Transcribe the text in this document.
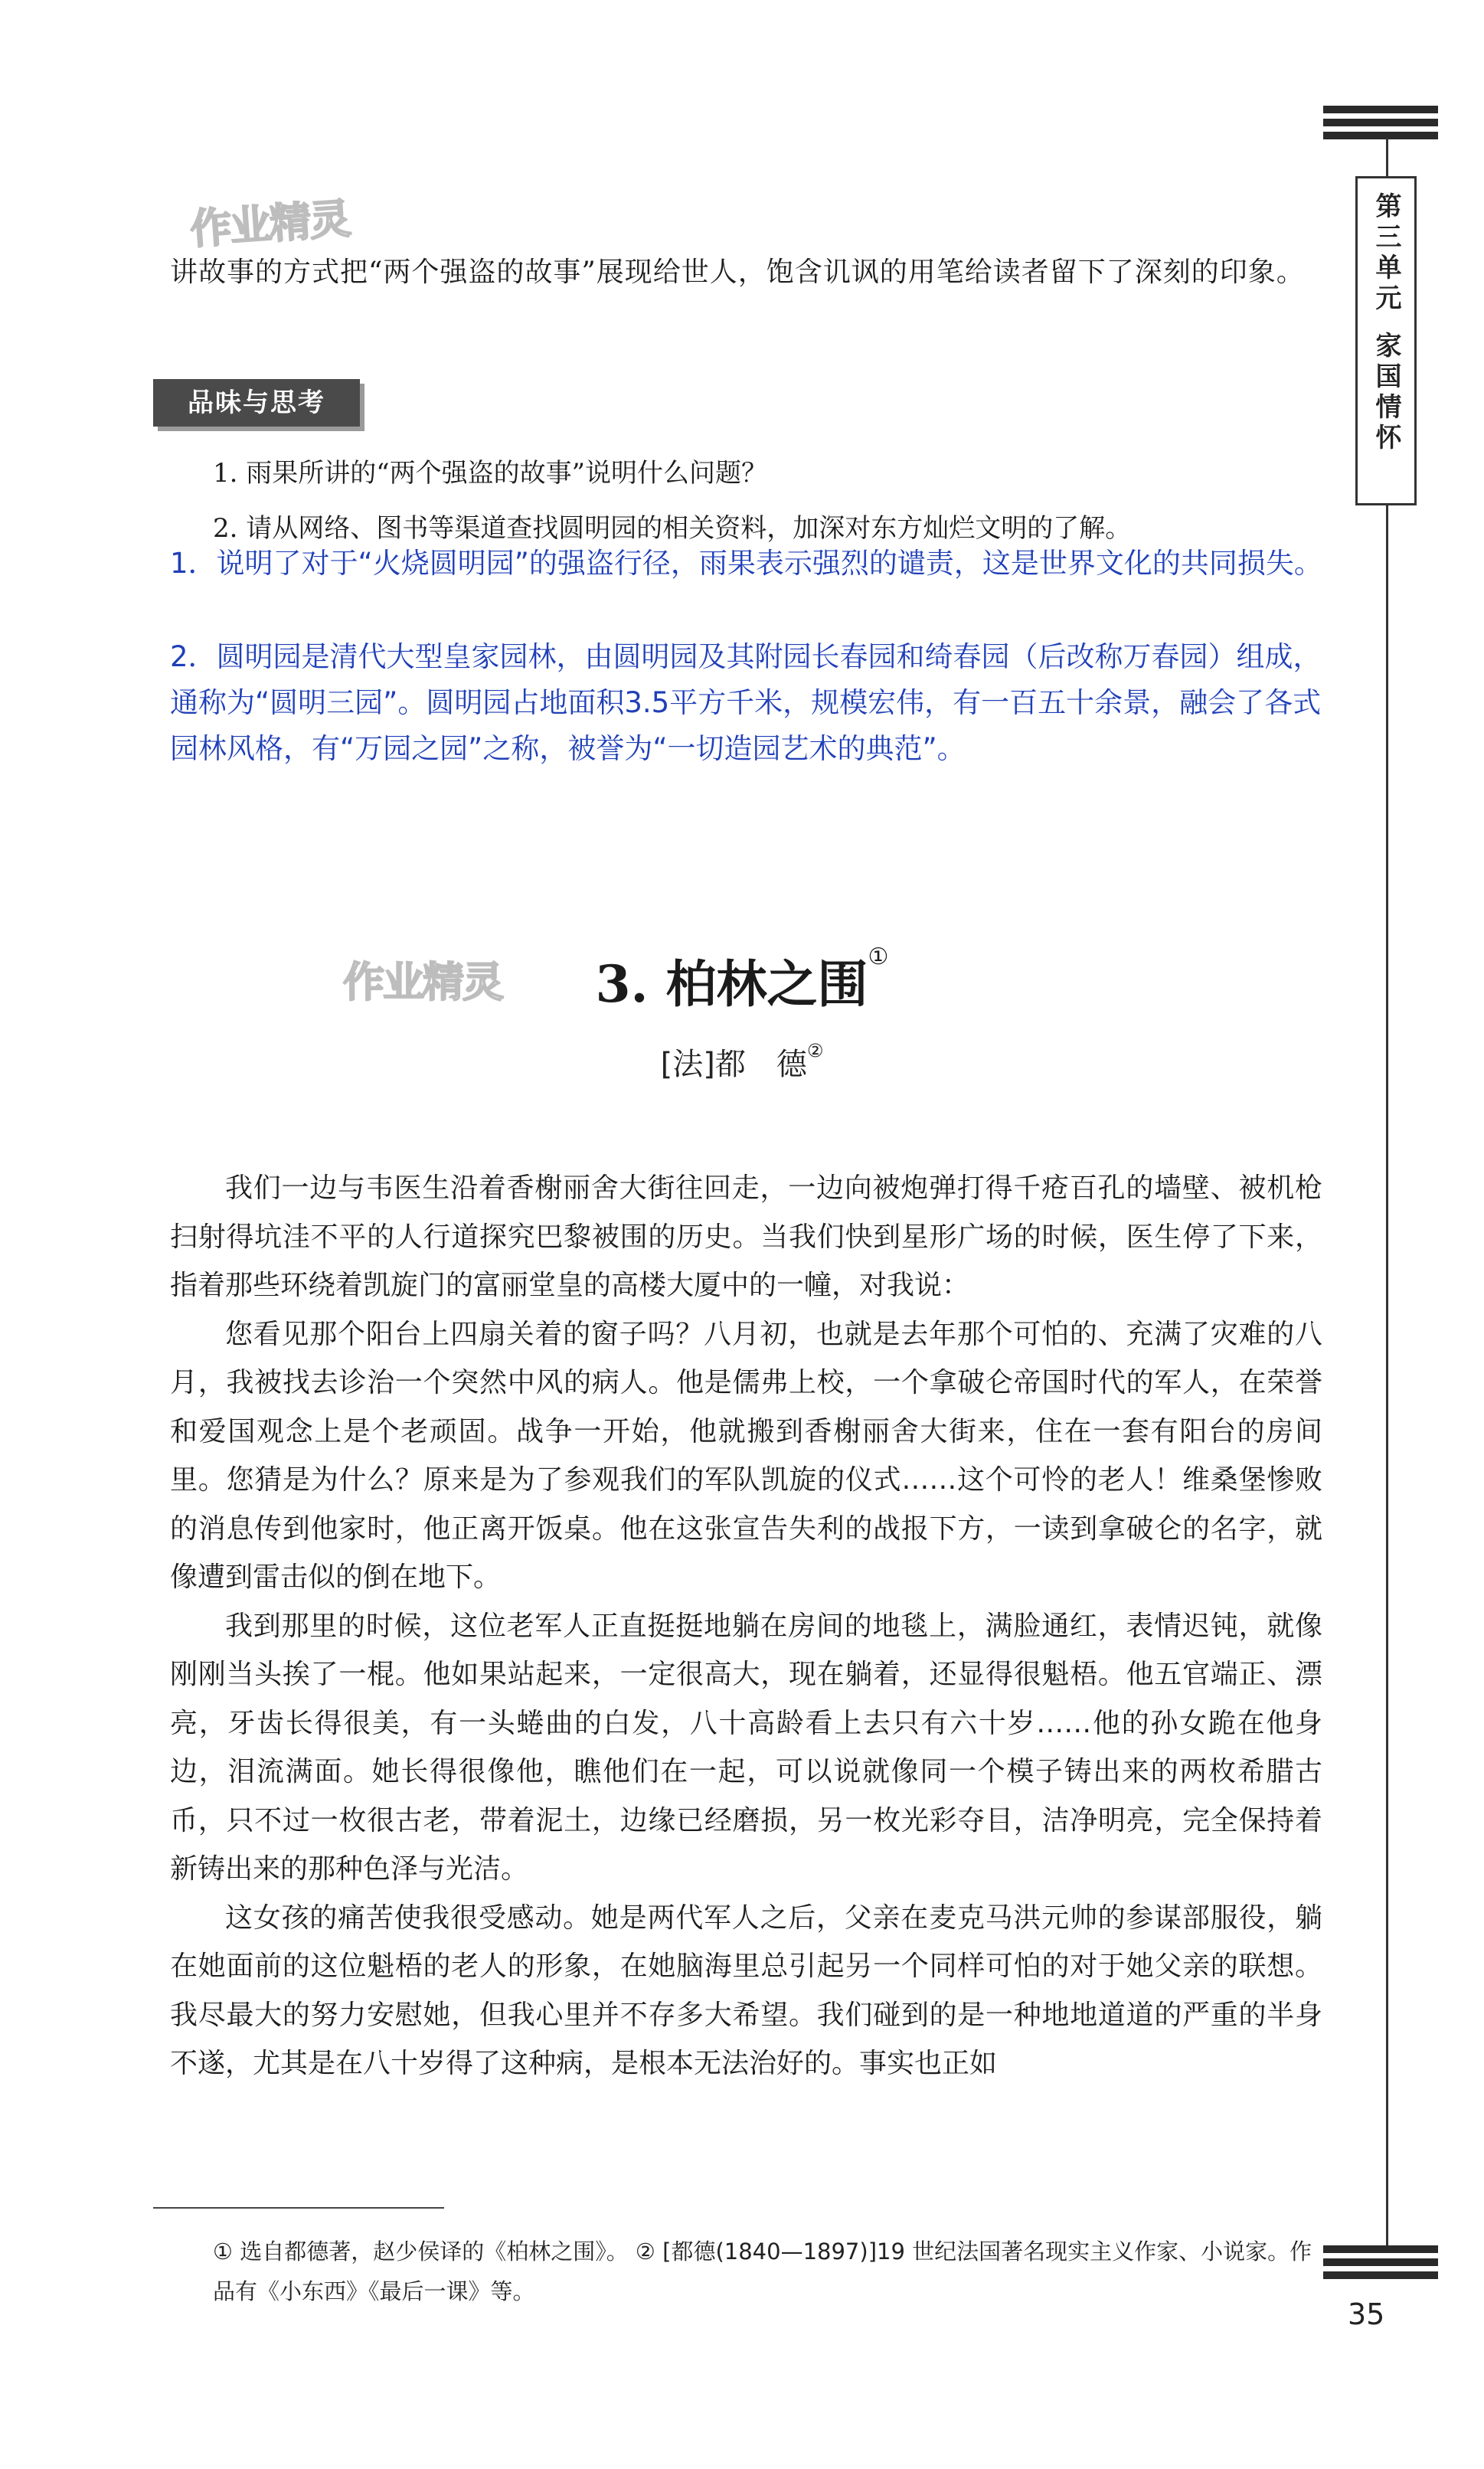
第三单元
家国情怀
作业精灵
作业精灵
讲故事的方式把“两个强盗的故事”展现给世人，饱含讥讽的用笔给读者留下了深刻的印象。
品味与思考
1. 雨果所讲的“两个强盗的故事”说明什么问题？
2. 请从网络、图书等渠道查找圆明园的相关资料，加深对东方灿烂文明的了解。
1．说明了对于“火烧圆明园”的强盗行径，雨果表示强烈的谴责，这是世界文化的共同损失。
2．圆明园是清代大型皇家园林，由圆明园及其附园长春园和绮春园（后改称万春园）组成，通称为“圆明三园”。圆明园占地面积3.5平方千米，规模宏伟，有一百五十余景，融会了各式园林风格，有“万园之园”之称，被誉为“一切造园艺术的典范”。
3. 柏林之围①
[法]都　德②

我们一边与韦医生沿着香榭丽舍大街往回走，一边向被炮弹打得千疮百孔的墙壁、被机枪扫射得坑洼不平的人行道探究巴黎被围的历史。当我们快到星形广场的时候，医生停了下来，指着那些环绕着凯旋门的富丽堂皇的高楼大厦中的一幢，对我说：

您看见那个阳台上四扇关着的窗子吗？八月初，也就是去年那个可怕的、充满了灾难的八月，我被找去诊治一个突然中风的病人。他是儒弗上校，一个拿破仑帝国时代的军人，在荣誉和爱国观念上是个老顽固。战争一开始，他就搬到香榭丽舍大街来，住在一套有阳台的房间里。您猜是为什么？原来是为了参观我们的军队凯旋的仪式……这个可怜的老人！维桑堡惨败的消息传到他家时，他正离开饭桌。他在这张宣告失利的战报下方，一读到拿破仑的名字，就像遭到雷击似的倒在地下。

我到那里的时候，这位老军人正直挺挺地躺在房间的地毯上，满脸通红，表情迟钝，就像刚刚当头挨了一棍。他如果站起来，一定很高大，现在躺着，还显得很魁梧。他五官端正、漂亮，牙齿长得很美，有一头蜷曲的白发，八十高龄看上去只有六十岁……他的孙女跪在他身边，泪流满面。她长得很像他，瞧他们在一起，可以说就像同一个模子铸出来的两枚希腊古币，只不过一枚很古老，带着泥土，边缘已经磨损，另一枚光彩夺目，洁净明亮，完全保持着新铸出来的那种色泽与光洁。

这女孩的痛苦使我很受感动。她是两代军人之后，父亲在麦克马洪元帅的参谋部服役，躺在她面前的这位魁梧的老人的形象，在她脑海里总引起另一个同样可怕的对于她父亲的联想。我尽最大的努力安慰她，但我心里并不存多大希望。我们碰到的是一种地地道道的严重的半身不遂，尤其是在八十岁得了这种病，是根本无法治好的。事实也正如

① 选自都德著，赵少侯译的《柏林之围》。 ② [都德(1840—1897)]19 世纪法国著名现实主义作家、小说家。作品有《小东西》《最后一课》等。
35
